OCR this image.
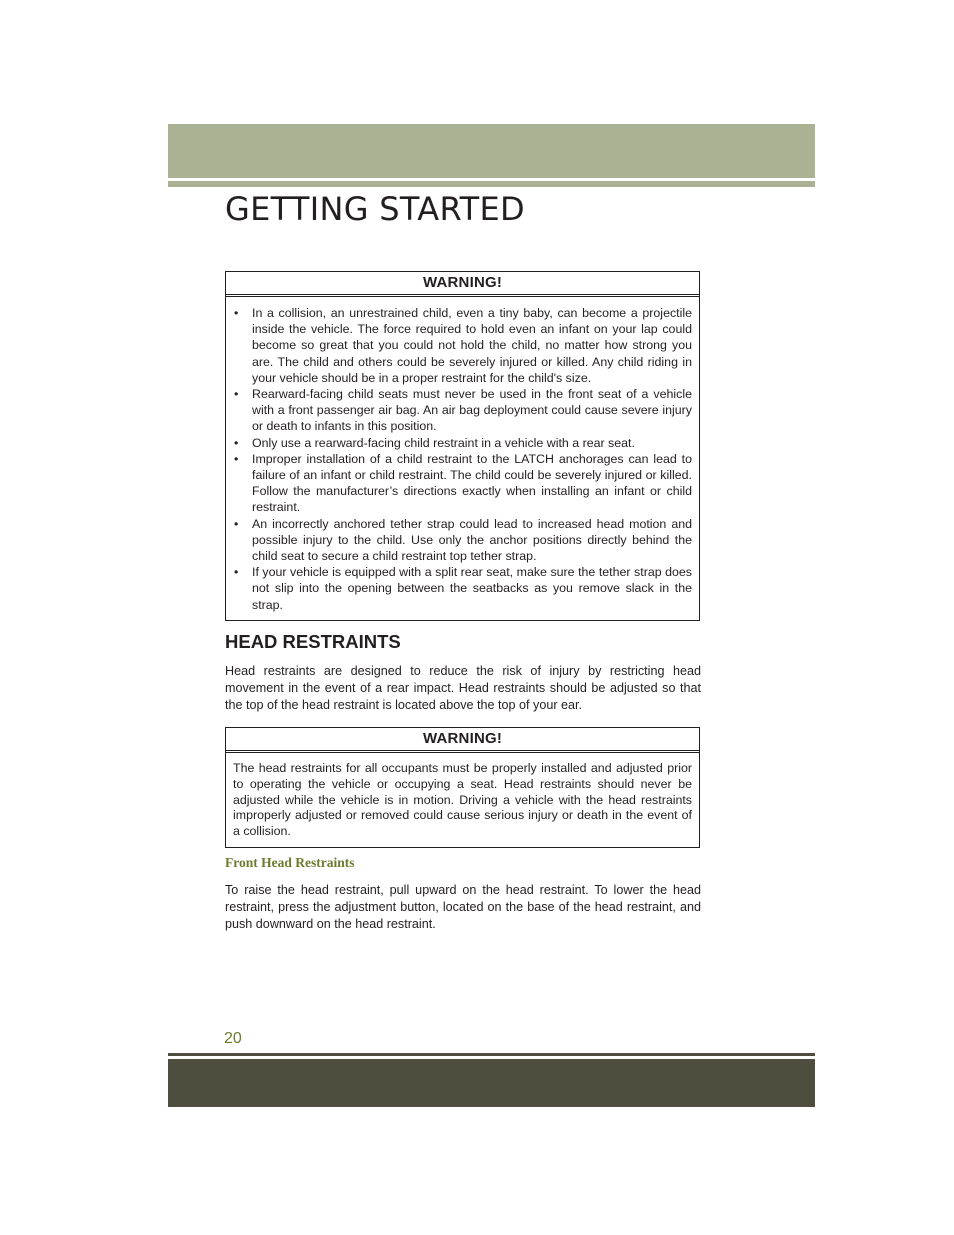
GETTING STARTED
WARNING!
•	In a collision, an unrestrained child, even a tiny baby, can become a projectile inside the vehicle. The force required to hold even an infant on your lap could become so great that you could not hold the child, no matter how strong you are. The child and others could be severely injured or killed. Any child riding in your vehicle should be in a proper restraint for the child's size.
•	Rearward-facing child seats must never be used in the front seat of a vehicle with a front passenger air bag. An air bag deployment could cause severe injury or death to infants in this position.
•	Only use a rearward-facing child restraint in a vehicle with a rear seat.
•	Improper installation of a child restraint to the LATCH anchorages can lead to failure of an infant or child restraint. The child could be severely injured or killed. Follow the manufacturer’s directions exactly when installing an infant or child restraint.
•	An incorrectly anchored tether strap could lead to increased head motion and possible injury to the child. Use only the anchor positions directly behind the child seat to secure a child restraint top tether strap.
•	If your vehicle is equipped with a split rear seat, make sure the tether strap does not slip into the opening between the seatbacks as you remove slack in the strap.
HEAD RESTRAINTS

Head restraints are designed to reduce the risk of injury by restricting head movement in the event of a rear impact. Head restraints should be adjusted so that the top of the head restraint is located above the top of your ear.

WARNING!

The head restraints for all occupants must be properly installed and adjusted prior to operating the vehicle or occupying a seat. Head restraints should never be adjusted while the vehicle is in motion. Driving a vehicle with the head restraints improperly adjusted or removed could cause serious injury or death in the event of a collision.

Front Head Restraints

To raise the head restraint, pull upward on the head restraint. To lower the head restraint, press the adjustment button, located on the base of the head restraint, and push downward on the head restraint.

20
